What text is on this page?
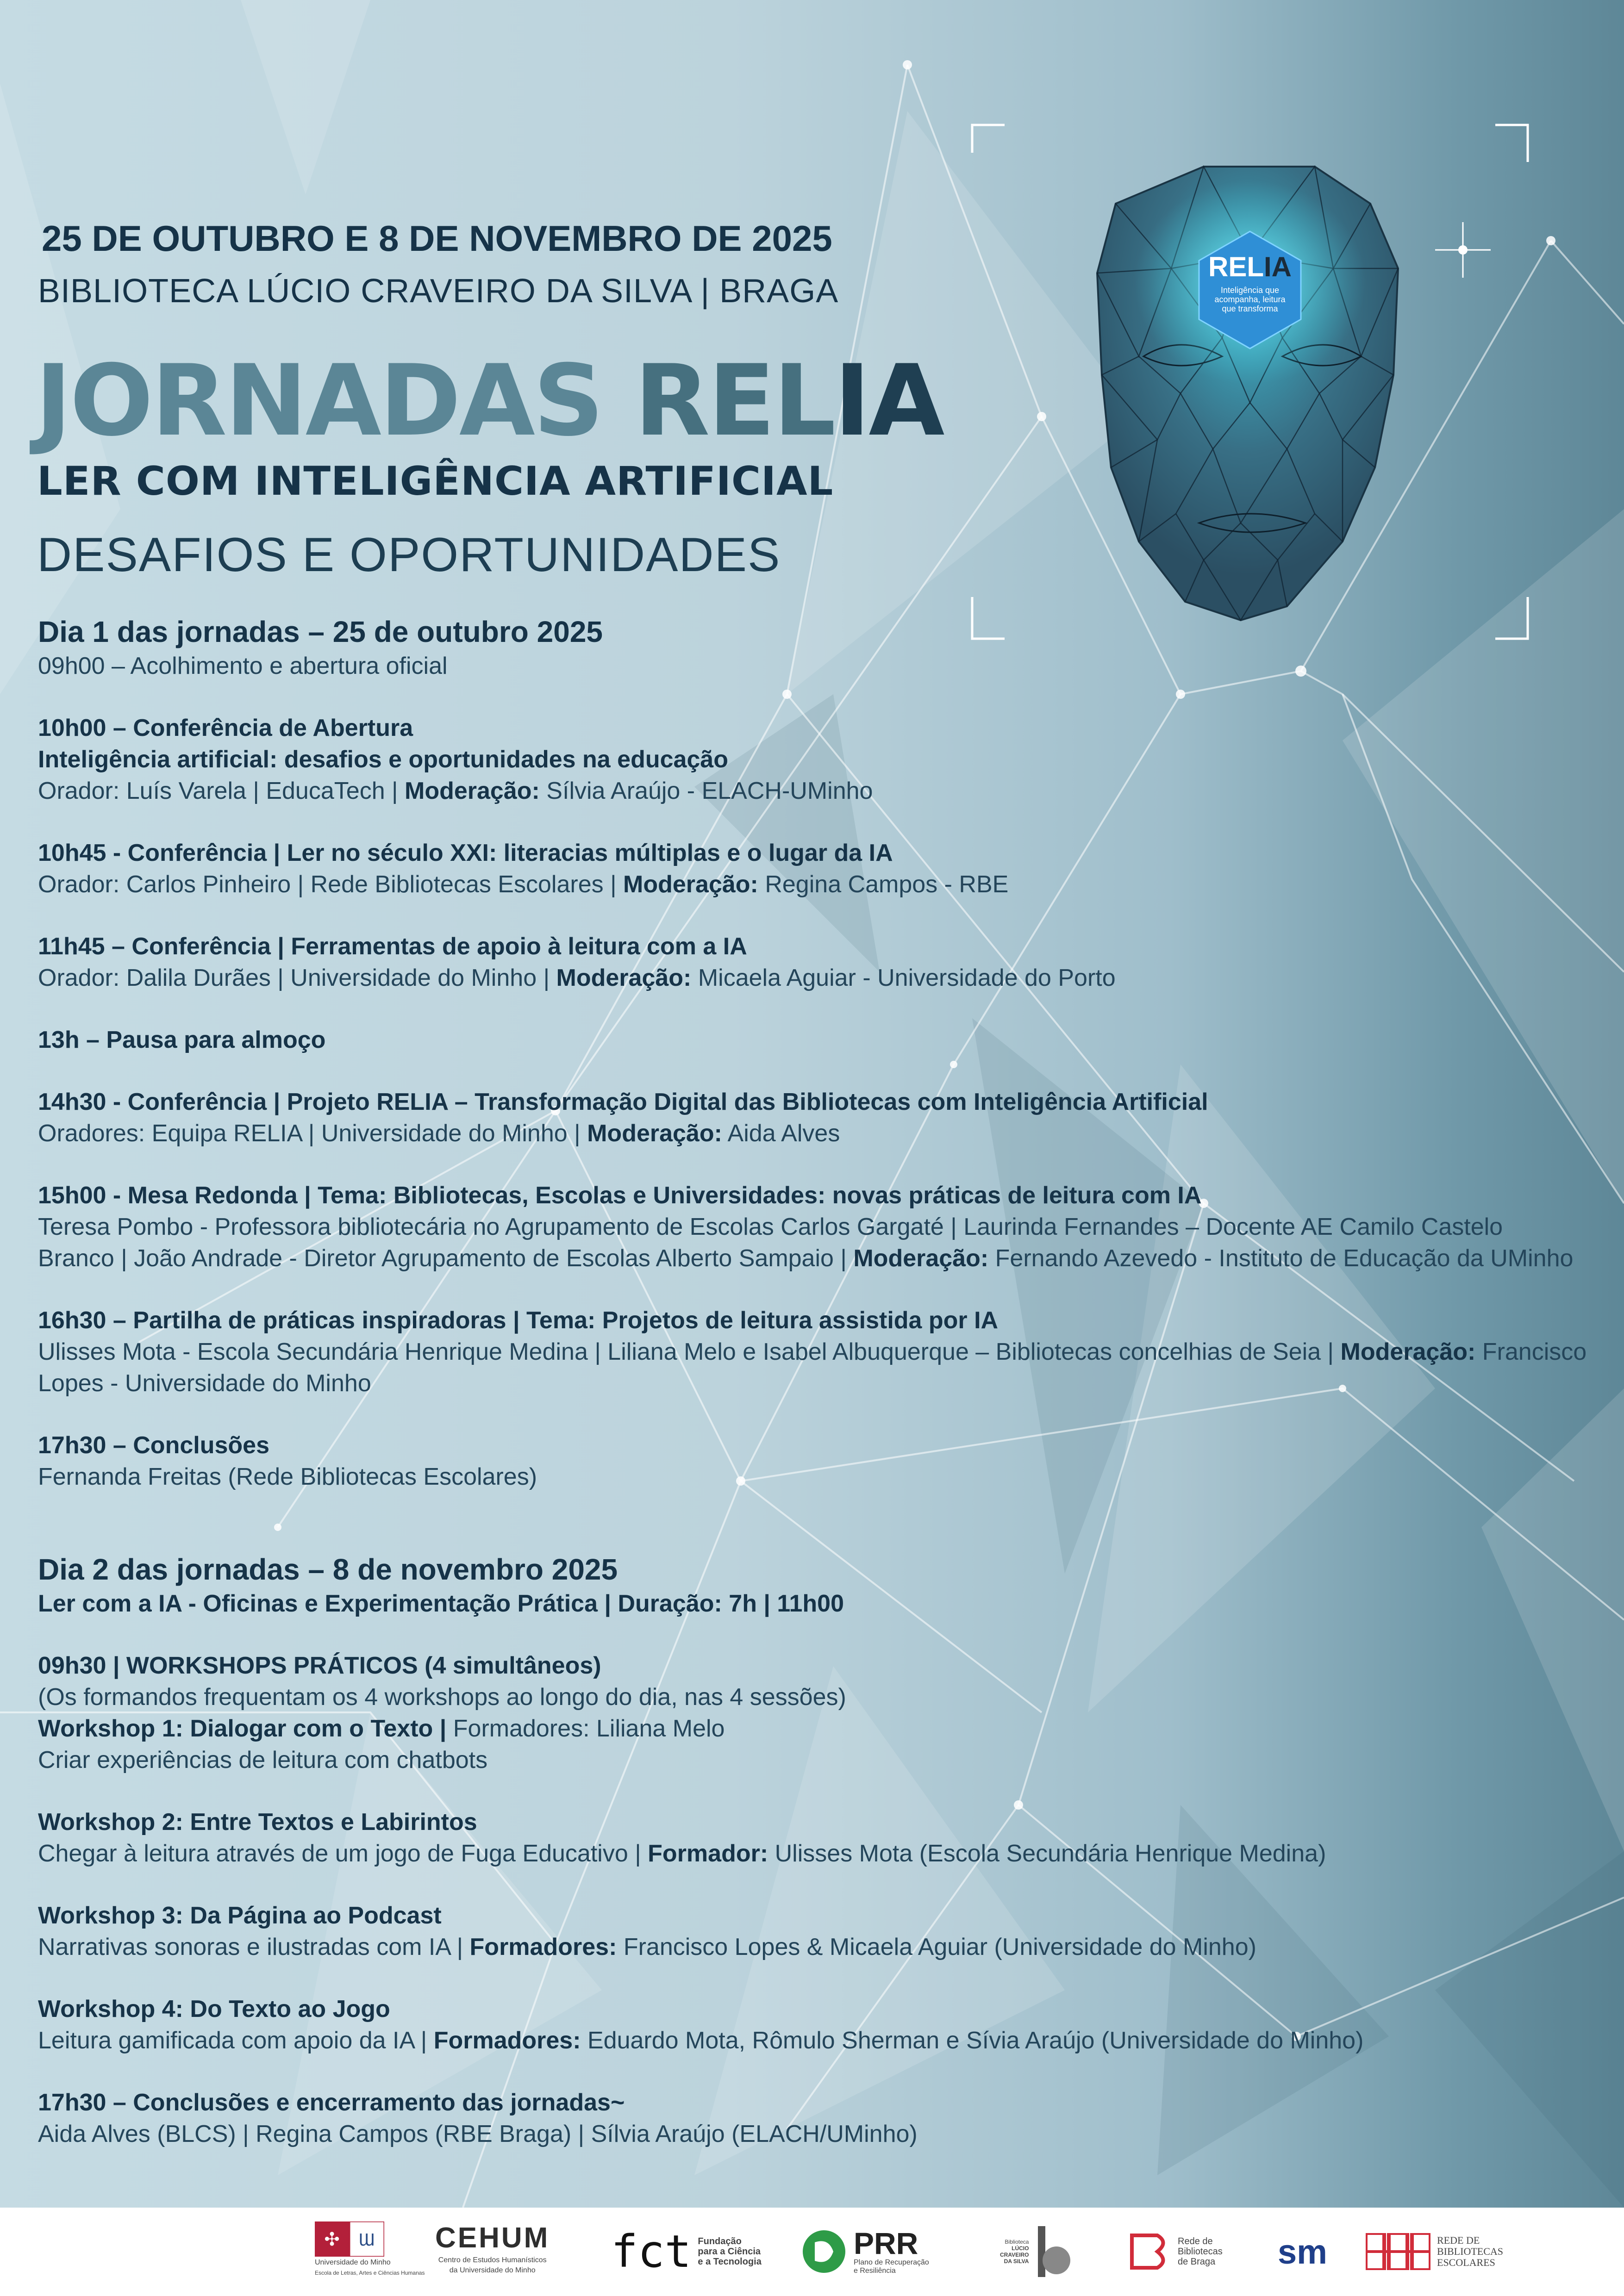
RELIA
Inteligência que
acompanha, leitura
que transforma
25 DE OUTUBRO E 8 DE NOVEMBRO DE 2025
BIBLIOTECA LÚCIO CRAVEIRO DA SILVA | BRAGA
JORNADAS RELIA
LER COM INTELIGÊNCIA ARTIFICIAL
DESAFIOS E OPORTUNIDADES

Dia 1 das jornadas – 25 de outubro 2025

09h00 – Acolhimento e abertura oficial

10h00 – Conferência de Abertura

Inteligência artificial: desafios e oportunidades na educação

Orador: Luís Varela | EducaTech | Moderação: Sílvia Araújo - ELACH-UMinho

10h45 - Conferência | Ler no século XXI: literacias múltiplas e o lugar da IA

Orador: Carlos Pinheiro | Rede Bibliotecas Escolares | Moderação: Regina Campos - RBE

11h45 – Conferência | Ferramentas de apoio à leitura com a IA

Orador: Dalila Durães | Universidade do Minho | Moderação: Micaela Aguiar - Universidade do Porto

13h – Pausa para almoço

14h30 - Conferência | Projeto RELIA – Transformação Digital das Bibliotecas com Inteligência Artificial

Oradores: Equipa RELIA | Universidade do Minho | Moderação: Aida Alves

15h00 - Mesa Redonda | Tema: Bibliotecas, Escolas e Universidades: novas práticas de leitura com IA

Teresa Pombo - Professora bibliotecária no Agrupamento de Escolas Carlos Gargaté | Laurinda Fernandes – Docente AE Camilo Castelo Branco | João Andrade - Diretor Agrupamento de Escolas Alberto Sampaio | Moderação: Fernando Azevedo - Instituto de Educação da UMinho

16h30 – Partilha de práticas inspiradoras | Tema: Projetos de leitura assistida por IA

Ulisses Mota - Escola Secundária Henrique Medina | Liliana Melo e Isabel Albuquerque – Bibliotecas concelhias de Seia | Moderação: Francisco Lopes - Universidade do Minho

17h30 – Conclusões

Fernanda Freitas (Rede Bibliotecas Escolares)

Dia 2 das jornadas – 8 de novembro 2025

Ler com a IA - Oficinas e Experimentação Prática | Duração: 7h | 11h00

09h30 | WORKSHOPS PRÁTICOS (4 simultâneos)

(Os formandos frequentam os 4 workshops ao longo do dia, nas 4 sessões)

Workshop 1: Dialogar com o Texto | Formadores: Liliana Melo

Criar experiências de leitura com chatbots

Workshop 2: Entre Textos e Labirintos

Chegar à leitura através de um jogo de Fuga Educativo | Formador: Ulisses Mota (Escola Secundária Henrique Medina)

Workshop 3: Da Página ao Podcast

Narrativas sonoras e ilustradas com IA | Formadores: Francisco Lopes & Micaela Aguiar (Universidade do Minho)

Workshop 4: Do Texto ao Jogo

Leitura gamificada com apoio da IA | Formadores: Eduardo Mota, Rômulo Sherman e Sívia Araújo (Universidade do Minho)

17h30 – Conclusões e encerramento das jornadas~

Aida Alves (BLCS) | Regina Campos (RBE Braga) | Sílvia Araújo (ELACH/UMinho)

✣ Ɯ
Universidade do Minho
Escola de Letras, Artes e Ciências Humanas
CEHUM
Centro de Estudos Humanísticos
da Universidade do Minho fct Fundação
para a Ciência
e a Tecnologia
PRR
Plano de Recuperação
e Resiliência
Biblioteca
LÚCIO
CRAVEIRO
DA SILVA
Rede de
Bibliotecas
de Braga sm	REDE DE
BIBLIOTECAS
ESCOLARES
